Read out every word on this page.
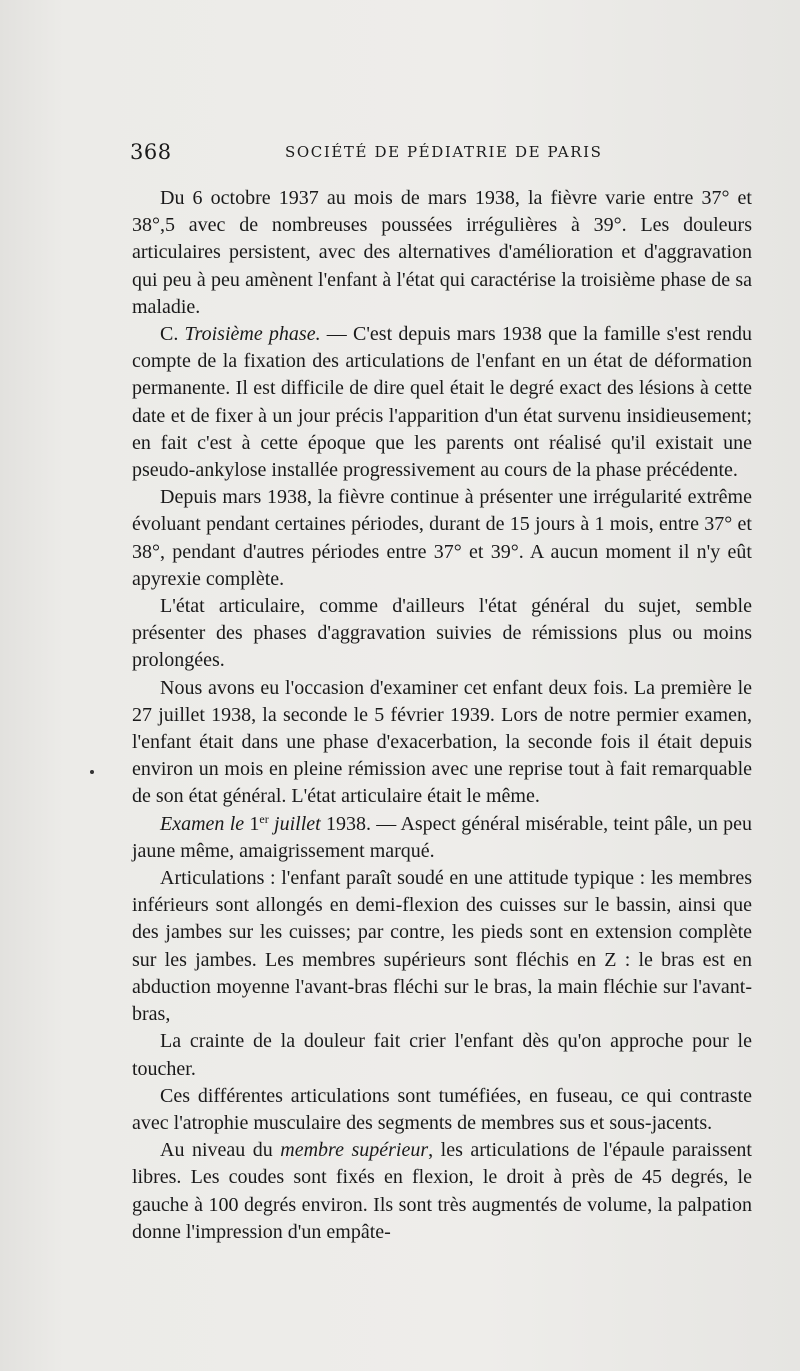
368	SOCIÉTÉ DE PÉDIATRIE DE PARIS

Du 6 octobre 1937 au mois de mars 1938, la fièvre varie entre 37° et 38°,5 avec de nombreuses poussées irrégulières à 39°. Les douleurs articulaires persistent, avec des alternatives d'amélioration et d'aggravation qui peu à peu amènent l'enfant à l'état qui caractérise la troisième phase de sa maladie.

C. Troisième phase. — C'est depuis mars 1938 que la famille s'est rendu compte de la fixation des articulations de l'enfant en un état de déformation permanente. Il est difficile de dire quel était le degré exact des lésions à cette date et de fixer à un jour précis l'apparition d'un état survenu insidieusement; en fait c'est à cette époque que les parents ont réalisé qu'il existait une pseudo-ankylose installée progressivement au cours de la phase précédente.

Depuis mars 1938, la fièvre continue à présenter une irrégularité extrême évoluant pendant certaines périodes, durant de 15 jours à 1 mois, entre 37° et 38°, pendant d'autres périodes entre 37° et 39°. A aucun moment il n'y eût apyrexie complète.

L'état articulaire, comme d'ailleurs l'état général du sujet, semble présenter des phases d'aggravation suivies de rémissions plus ou moins prolongées.

Nous avons eu l'occasion d'examiner cet enfant deux fois. La première le 27 juillet 1938, la seconde le 5 février 1939. Lors de notre permier examen, l'enfant était dans une phase d'exacerbation, la seconde fois il était depuis environ un mois en pleine rémission avec une reprise tout à fait remarquable de son état général. L'état articulaire était le même.

Examen le 1er juillet 1938. — Aspect général misérable, teint pâle, un peu jaune même, amaigrissement marqué.

Articulations : l'enfant paraît soudé en une attitude typique : les membres inférieurs sont allongés en demi-flexion des cuisses sur le bassin, ainsi que des jambes sur les cuisses; par contre, les pieds sont en extension complète sur les jambes. Les membres supérieurs sont fléchis en Z : le bras est en abduction moyenne l'avant-bras fléchi sur le bras, la main fléchie sur l'avant-bras,

La crainte de la douleur fait crier l'enfant dès qu'on approche pour le toucher.

Ces différentes articulations sont tuméfiées, en fuseau, ce qui contraste avec l'atrophie musculaire des segments de membres sus et sous-jacents.

Au niveau du membre supérieur, les articulations de l'épaule paraissent libres. Les coudes sont fixés en flexion, le droit à près de 45 degrés, le gauche à 100 degrés environ. Ils sont très augmentés de volume, la palpation donne l'impression d'un empâte-
